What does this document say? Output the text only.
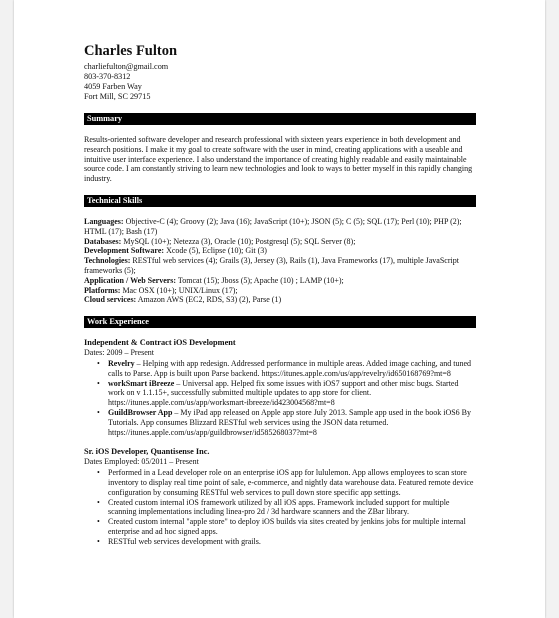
Charles Fulton
charliefulton@gmail.com
803-370-8312
4059 Farben Way
Fort Mill, SC 29715
Summary
Results-oriented software developer and research professional with sixteen years experience in both development and research positions. I make it my goal to create software with the user in mind, creating applications with a useable and intuitive user interface experience. I also understand the importance of creating highly readable and easily maintainable source code. I am constantly striving to learn new technologies and look to ways to better myself in this rapidly changing industry.
Technical Skills
Languages: Objective-C (4); Groovy (2); Java (16); JavaScript (10+); JSON (5); C (5); SQL (17); Perl (10); PHP (2); HTML (17); Bash (17)
Databases: MySQL (10+); Netezza (3), Oracle (10); Postgresql (5); SQL Server (8);
Development Software: Xcode (5), Eclipse (10); Git (3)
Technologies: RESTful web services (4); Grails (3), Jersey (3), Rails (1), Java Frameworks (17), multiple JavaScript frameworks (5);
Application / Web Servers: Tomcat (15); Jboss (5); Apache (10) ; LAMP (10+);
Platforms: Mac OSX (10+); UNIX/Linux (17);
Cloud services: Amazon AWS (EC2, RDS, S3) (2), Parse (1)
Work Experience
Independent & Contract iOS Development
Dates: 2009 – Present
• Revelry – Helping with app redesign. Addressed performance in multiple areas. Added image caching, and tuned calls to Parse. App is built upon Parse backend. https://itunes.apple.com/us/app/revelry/id650168769?mt=8
• workSmart iBreeze – Universal app. Helped fix some issues with iOS7 support and other misc bugs. Started work on v 1.1.15+, successfully submitted multiple updates to app store for client. https://itunes.apple.com/us/app/worksmart-ibreeze/id423004568?mt=8
• GuildBrowser App – My iPad app released on Apple app store July 2013. Sample app used in the book iOS6 By Tutorials. App consumes Blizzard RESTful web services using the JSON data returned. https://itunes.apple.com/us/app/guildbrowser/id585268037?mt=8
Sr. iOS Developer, Quantisense Inc.
Dates Employed: 05/2011 – Present
• Performed in a Lead developer role on an enterprise iOS app for lululemon. App allows employees to scan store inventory to display real time point of sale, e-commerce, and nightly data warehouse data. Featured remote device configuration by consuming RESTful web services to pull down store specific app settings.
• Created custom internal iOS framework utilized by all iOS apps. Framework included support for multiple scanning implementations including linea-pro 2d / 3d hardware scanners and the ZBar library.
• Created custom internal "apple store" to deploy iOS builds via sites created by jenkins jobs for multiple internal enterprise and ad hoc signed apps.
• RESTful web services development with grails.
